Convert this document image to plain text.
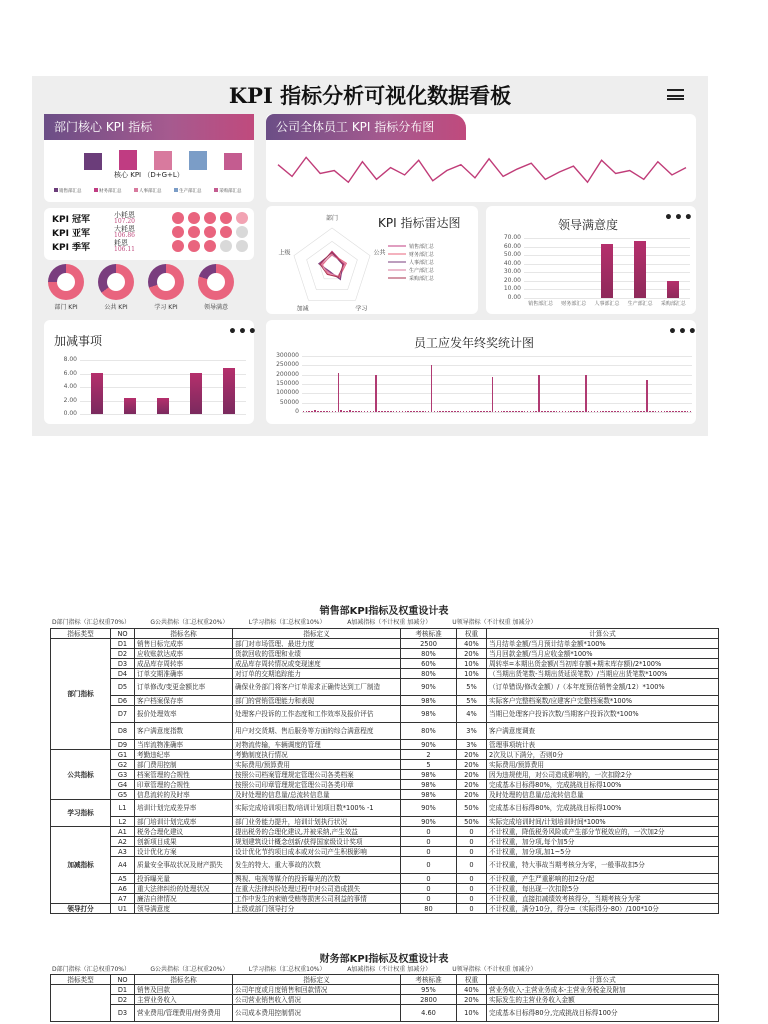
KPI 指标分析可视化数据看板
部门核心 KPI 指标
核心 KPI （D+G+L）
销售部汇总	财务部汇总	人事部汇总	生产部汇总	采购部汇总
公司全体员工 KPI 指标分布图
KPI 冠军	小耗恩
107.20
KPI 亚军	大耗恩
106.86
KPI 季军	耗恩
106.11
部门 KPI	公共 KPI	学习 KPI	领导满意
KPI 指标雷达图
部门
公共
学习
加减
上级
销售部汇总
财务部汇总
人事部汇总
生产部汇总
采购部汇总
领导满意度	•••
70.00
60.00
50.00
40.00
30.00
20.00
10.00
0.00
销售部汇总	财务部汇总	人事部汇总	生产部汇总	采购部汇总
加减事项
•••
8.00
6.00
4.00
2.00
0.00
员工应发年终奖统计图
•••
300000
250000
200000
150000
100000
50000
0
销售部KPI指标及权重设计表
D部门指标（汇总权重70%）	G公共指标（汇总权重20%）	L学习指标（汇总权重10%）	A加减指标（不计权重 加减分）	U领导指标（不计权重 加减分）
指标类型	NO	指标名称	指标定义	考核标准	权重	计算公式
部门指标	D1	销售目标完成率	部门对市场管理、最进力度	2500	40%	当月结单金额/当月预计结单金额*100%
	D2	应收账款达成率	货款回收的管理和业绩	80%	20%	当月回款金额/当月应收金额*100%
	D3	成品库存周转率	成品库存周转情况或变现速度	60%	10%	周转率=本期出货金额/(当初库存额+期末库存额)/2*100%
	D4	订单交期准确率	对订单的交期追踪能力	80%	10%	（当期出货笔数-当期出货延误笔数）/当期应出货笔数*100%
	D5	订单修改/变更金额比率	确保业务部门将客户订单需求正确传达到工厂制造	90%	5%	（订单错误/修改金额）/（本年度预估销售金额/12）*100%
	D6	客户档案保存率	部门的营销管理能力和表现	98%	5%	实际客户完整档案数/应建客户完整档案数*100%
	D7	报价处理效率	处理客户投诉的工作态度和工作效率及报价评估	98%	4%	当期已处理客户投诉次数/当期客户投诉次数*100%
	D8	客户满意度指数	用户对交货期、售后服务等方面的综合满意程度	80%	3%	客户满意度调查
	D9	当库流物准确率	对物流传输，车辆调度的管理	90%	3%	管理事项统计表
公共指标	G1	考勤违纪率	考勤制度执行情况	2	20%	2次及以下满分，否则0分
	G2	部门费用控制	实际费用/预算费用	5	20%	实际费用/预算费用
	G3	档案管理的合规性	按照公司档案管理规定管理公司各类档案	98%	20%	因为违规使用，对公司造成影响的，一次扣除2分
	G4	印章管理的合规性	按照公司印章管理规定管理公司各类印章	98%	20%	完成基本目标得80%，完成挑战目标得100%
	G5	信息流转的及时率	及时处理的信息量/总流转信息量	98%	20%	及时处理的信息量/总流转信息量
学习指标	L1	培训计划完成差异率	实际完成培训项目数/培训计划项目数*100% -1	90%	50%	完成基本目标得80%，完成挑战目标得100%
	L2	部门培训计划完成率	部门业务能力提升，培训计划执行状况	90%	50%	实际完成培训时间/计划培训时间*100%
加减指标	A1	税务合理化建议	提出税务的合理化建议,并被采纳,产生效益	0	0	不计权重，降低税务风险或产生部分节税效应的，一次加2分
	A2	创新项目成果	规划建筑设计概念创新/获得国家级设计奖项	0	0	不计权重，加分项,每个加5分
	A3	设计优化方案	设计优化节约项目成本或对公司产生积极影响	0	0	不计权重，加分项,加1~5分
	A4	质量安全事故状况及财产损失	发生的特大、重大事故的次数	0	0	不计权重，特大事故当期考核分为零，一般事故扣5分
	A5	投诉曝光量	舆视、电视等媒介的投诉曝光的次数	0	0	不计权重，产生严重影响的扣2分/起
	A6	重大法律纠纷的处理状况	在重大法律纠纷处理过程中对公司造成损失	0	0	不计权重，每出现一次扣除5分
	A7	廉洁自律情况	工作中发生的索贿受贿等损害公司利益的事情	0	0	不计权重，直接扣减绩效考核得分，当期考核分为零
领导打分	U1	领导满意度	上级或部门领导打分	80	0	不计权重，满分10分，得分=（实际得分-80）/100*10分
财务部KPI指标及权重设计表
D部门指标（汇总权重70%）	G公共指标（汇总权重20%）	L学习指标（汇总权重10%）	A加减指标（不计权重 加减分）	U领导指标（不计权重 加减分）
指标类型	NO	指标名称	指标定义	考核标准	权重	计算公式
	D1	销售及回款	公司年度或月度销售和回款情况	95%	40%	营业务收入-主营业务成本-主营业务税金及附加
	D2	主营业务收入	公司营业销售收入情况	2800	20%	实际发生的主营业务收入金额
	D3	营业费用/管理费用/财务费用	公司成本费用控制情况	4.60	10%	完成基本目标得80分,完成挑战目标得100分
